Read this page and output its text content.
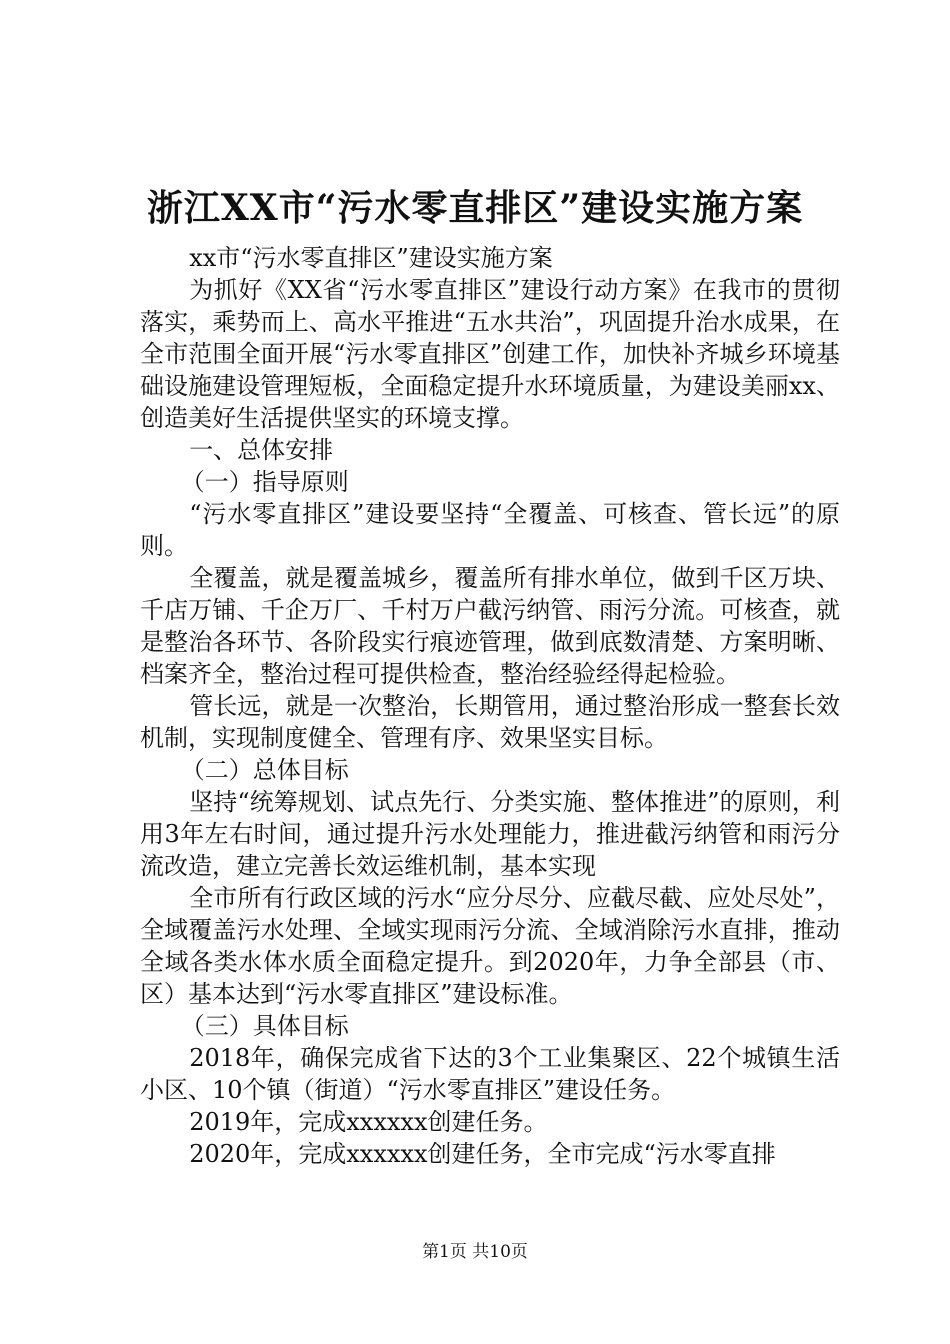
浙江XX市“污水零直排区”建设实施方案

xx市“污水零直排区”建设实施方案

为抓好《XX省“污水零直排区”建设行动方案》在我市的贯彻落实，乘势而上、高水平推进“五水共治”，巩固提升治水成果，在全市范围全面开展“污水零直排区”创建工作，加快补齐城乡环境基础设施建设管理短板，全面稳定提升水环境质量，为建设美丽xx、创造美好生活提供坚实的环境支撑。

一、总体安排

（一）指导原则

“污水零直排区”建设要坚持“全覆盖、可核查、管长远”的原则。

全覆盖，就是覆盖城乡，覆盖所有排水单位，做到千区万块、千店万铺、千企万厂、千村万户截污纳管、雨污分流。可核查，就是整治各环节、各阶段实行痕迹管理，做到底数清楚、方案明晰、档案齐全，整治过程可提供检查，整治经验经得起检验。

管长远，就是一次整治，长期管用，通过整治形成一整套长效机制，实现制度健全、管理有序、效果坚实目标。

（二）总体目标

坚持“统筹规划、试点先行、分类实施、整体推进”的原则，利用3年左右时间，通过提升污水处理能力，推进截污纳管和雨污分流改造，建立完善长效运维机制，基本实现

全市所有行政区域的污水“应分尽分、应截尽截、应处尽处”，全域覆盖污水处理、全域实现雨污分流、全域消除污水直排，推动全域各类水体水质全面稳定提升。到2020年，力争全部县（市、区）基本达到“污水零直排区”建设标准。

（三）具体目标

2018年，确保完成省下达的3个工业集聚区、22个城镇生活小区、10个镇（街道）“污水零直排区”建设任务。

2019年，完成xxxxxx创建任务。

2020年，完成xxxxxx创建任务，全市完成“污水零直排

第1页 共10页
